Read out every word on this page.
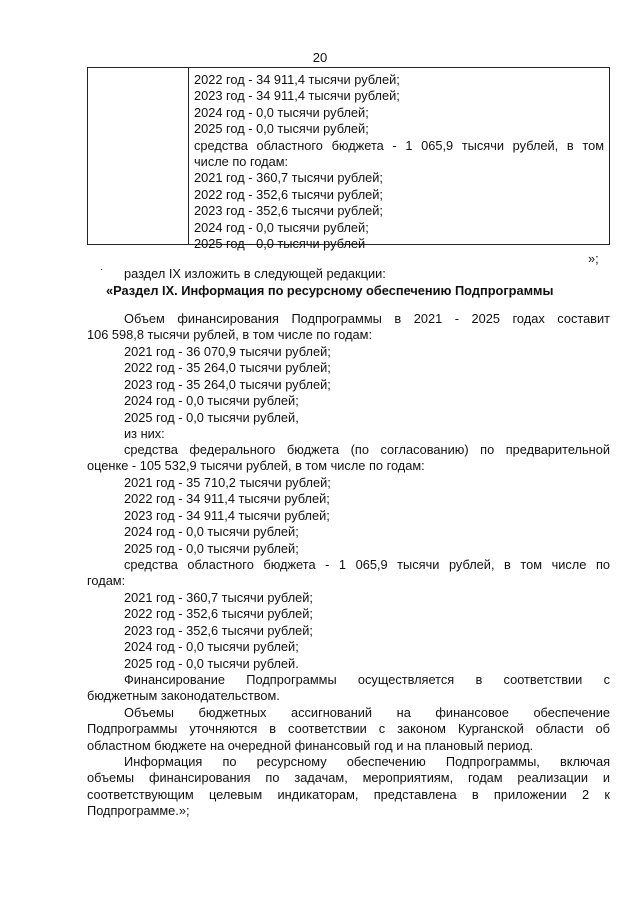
20
2022 год - 34 911,4 тысячи рублей;
2023 год - 34 911,4 тысячи рублей;
2024 год - 0,0 тысячи рублей;
2025 год - 0,0 тысячи рублей;
средства областного бюджета - 1 065,9 тысячи рублей, в том
числе по годам:
2021 год - 360,7 тысячи рублей;
2022 год - 352,6 тысячи рублей;
2023 год - 352,6 тысячи рублей;
2024 год - 0,0 тысячи рублей;
2025 год - 0,0 тысячи рублей
»;
· раздел IX изложить в следующей редакции:
«Раздел IX. Информация по ресурсному обеспечению Подпрограммы
Объем финансирования Подпрограммы в 2021 - 2025 годах составит
106 598,8 тысячи рублей, в том числе по годам:
2021 год - 36 070,9 тысячи рублей;
2022 год - 35 264,0 тысячи рублей;
2023 год - 35 264,0 тысячи рублей;
2024 год - 0,0 тысячи рублей;
2025 год - 0,0 тысячи рублей,
из них:
средства федерального бюджета (по согласованию) по предварительной
оценке - 105 532,9 тысячи рублей, в том числе по годам:
2021 год - 35 710,2 тысячи рублей;
2022 год - 34 911,4 тысячи рублей;
2023 год - 34 911,4 тысячи рублей;
2024 год - 0,0 тысячи рублей;
2025 год - 0,0 тысячи рублей;
средства областного бюджета - 1 065,9 тысячи рублей, в том числе по
годам:
2021 год - 360,7 тысячи рублей;
2022 год - 352,6 тысячи рублей;
2023 год - 352,6 тысячи рублей;
2024 год - 0,0 тысячи рублей;
2025 год - 0,0 тысячи рублей.
Финансирование Подпрограммы осуществляется в соответствии с
бюджетным законодательством.
Объемы бюджетных ассигнований на финансовое обеспечение
Подпрограммы уточняются в соответствии с законом Курганской области об
областном бюджете на очередной финансовый год и на плановый период.
Информация по ресурсному обеспечению Подпрограммы, включая
объемы финансирования по задачам, мероприятиям, годам реализации и
соответствующим целевым индикаторам, представлена в приложении 2 к
Подпрограмме.»;
